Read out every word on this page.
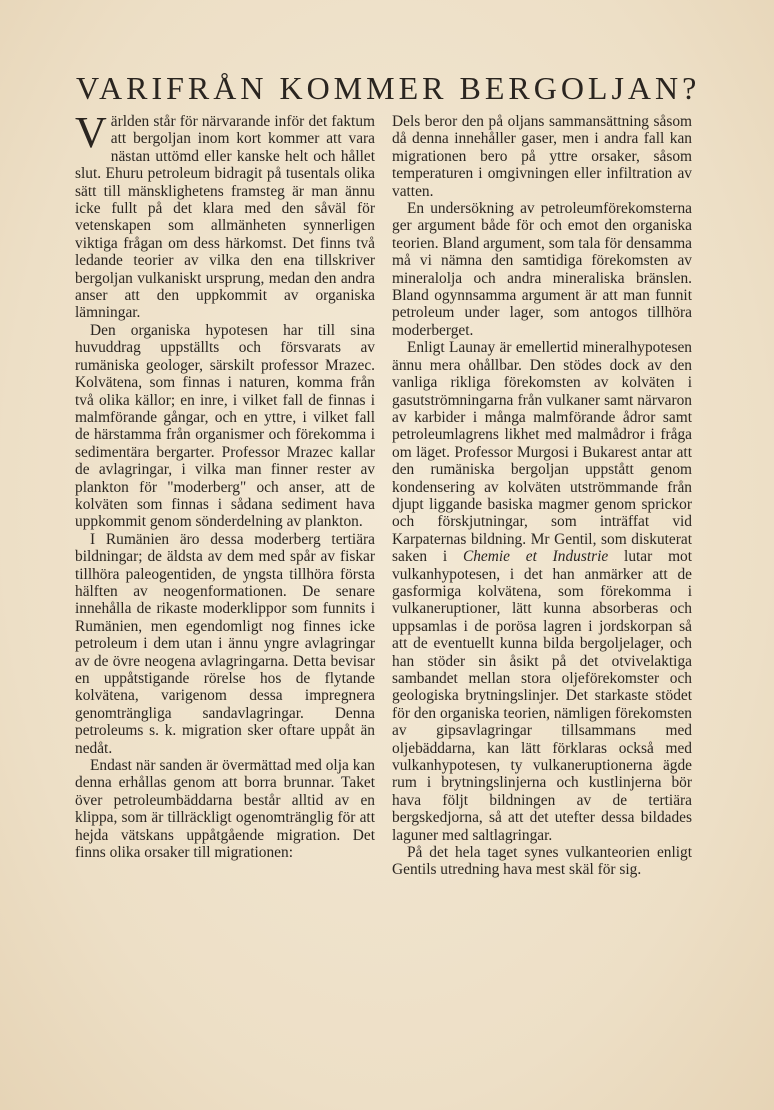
VARIFRÅN KOMMER BERGOLJAN?

Världen står för närvarande inför det faktum att bergoljan inom kort kommer att vara nästan uttömd eller kanske helt och hållet slut. Ehuru petroleum bidragit på tusentals olika sätt till mänsklighetens framsteg är man ännu icke fullt på det klara med den såväl för vetenskapen som allmänheten synnerligen viktiga frågan om dess härkomst. Det finns två ledande teorier av vilka den ena tillskriver bergoljan vulkaniskt ursprung, medan den andra anser att den uppkommit av organiska lämningar.

Den organiska hypotesen har till sina huvuddrag uppställts och försvarats av rumäniska geologer, särskilt professor Mrazec. Kolvätena, som finnas i naturen, komma från två olika källor; en inre, i vilket fall de finnas i malmförande gångar, och en yttre, i vilket fall de härstamma från organismer och förekomma i sedimentära bergarter. Professor Mrazec kallar de avlagringar, i vilka man finner rester av plankton för "moderberg" och anser, att de kolväten som finnas i sådana sediment hava uppkommit genom sönderdelning av plankton.

I Rumänien äro dessa moderberg tertiära bildningar; de äldsta av dem med spår av fiskar tillhöra paleogentiden, de yngsta tillhöra första hälften av neogenformationen. De senare innehålla de rikaste moderklippor som funnits i Rumänien, men egendomligt nog finnes icke petroleum i dem utan i ännu yngre avlagringar av de övre neogena avlagringarna. Detta bevisar en uppåtstigande rörelse hos de flytande kolvätena, varigenom dessa impregnera genomträngliga sandavlagringar. Denna petroleums s. k. migration sker oftare uppåt än nedåt.

Endast när sanden är övermättad med olja kan denna erhållas genom att borra brunnar. Taket över petroleumbäddarna består alltid av en klippa, som är tillräckligt ogenomtränglig för att hejda vätskans uppåtgående migration. Det finns olika orsaker till migrationen:

Dels beror den på oljans sammansättning såsom då denna innehåller gaser, men i andra fall kan migrationen bero på yttre orsaker, såsom temperaturen i omgivningen eller infiltration av vatten.

En undersökning av petroleumförekomsterna ger argument både för och emot den organiska teorien. Bland argument, som tala för densamma må vi nämna den samtidiga förekomsten av mineralolja och andra mineraliska bränslen. Bland ogynnsamma argument är att man funnit petroleum under lager, som antogos tillhöra moderberget.

Enligt Launay är emellertid mineralhypotesen ännu mera ohållbar. Den stödes dock av den vanliga rikliga förekomsten av kolväten i gasutströmningarna från vulkaner samt närvaron av karbider i många malmförande ådror samt petroleumlagrens likhet med malmådror i fråga om läget. Professor Murgosi i Bukarest antar att den rumäniska bergoljan uppstått genom kondensering av kolväten utströmmande från djupt liggande basiska magmer genom sprickor och förskjutningar, som inträffat vid Karpaternas bildning. Mr Gentil, som diskuterat saken i Chemie et Industrie lutar mot vulkanhypotesen, i det han anmärker att de gasformiga kolvätena, som förekomma i vulkaneruptioner, lätt kunna absorberas och uppsamlas i de porösa lagren i jordskorpan så att de eventuellt kunna bilda bergoljelager, och han stöder sin åsikt på det otvivelaktiga sambandet mellan stora oljeförekomster och geologiska brytningslinjer. Det starkaste stödet för den organiska teorien, nämligen förekomsten av gipsavlagringar tillsammans med oljebäddarna, kan lätt förklaras också med vulkanhypotesen, ty vulkaneruptionerna ägde rum i brytningslinjerna och kustlinjerna bör hava följt bildningen av de tertiära bergskedjorna, så att det utefter dessa bildades laguner med saltlagringar.

På det hela taget synes vulkanteorien enligt Gentils utredning hava mest skäl för sig.
